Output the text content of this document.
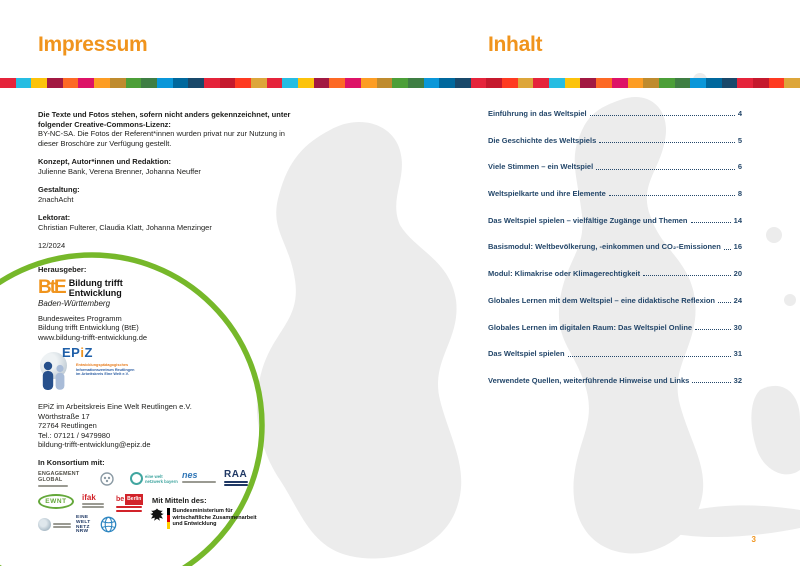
Impressum	Inhalt
Die Texte und Fotos stehen, sofern nicht anders gekennzeichnet, unter
folgender Creative-Commons-Lizenz:
BY-NC-SA. Die Fotos der Referent*innen wurden privat nur zur Nutzung in
dieser Broschüre zur Verfügung gestellt.
Konzept, Autor*innen und Redaktion:
Julienne Bank, Verena Brenner, Johanna Neuffer
Gestaltung:
2nachAcht
Lektorat:
Christian Fulterer, Claudia Klatt, Johanna Menzinger
12/2024
Herausgeber:
BtE Bildung trifft
Entwicklung
Baden-Württemberg
Bundesweites Programm
Bildung trifft Entwicklung (BtE)
www.bildung-trifft-entwicklung.de
EPiZ
Entwicklungspädagogisches
Informationszentrum Reutlingen
im Arbeitskreis Eine Welt e.V.
EPiZ im Arbeitskreis Eine Welt Reutlingen e.V.
Wörthstraße 17
72764 Reutlingen
Tel.: 07121 / 9479980
bildung-trifft-entwicklung@epiz.de
In Konsortium mit:
ENGAGEMENT
GLOBAL
eine welt
netzwerk bayern
nes	RAA
EWNT	ifak	be Berlin
EINE
WELT
NETZ
NRW
Mit Mitteln des:
Bundesministerium für
wirtschaftliche Zusammenarbeit
und Entwicklung
Einführung in das Weltspiel	4
Die Geschichte des Weltspiels	5
Viele Stimmen – ein Weltspiel	6
Weltspielkarte und ihre Elemente	8
Das Weltspiel spielen – vielfältige Zugänge und Themen	14
Basismodul: Weltbevölkerung, -einkommen und CO₂-Emissionen 16
Modul: Klimakrise oder Klimagerechtigkeit	20
Globales Lernen mit dem Weltspiel – eine didaktische Reflexion 24
Globales Lernen im digitalen Raum: Das Weltspiel Online	30
Das Weltspiel spielen	31
Verwendete Quellen, weiterführende Hinweise und Links	32
3
